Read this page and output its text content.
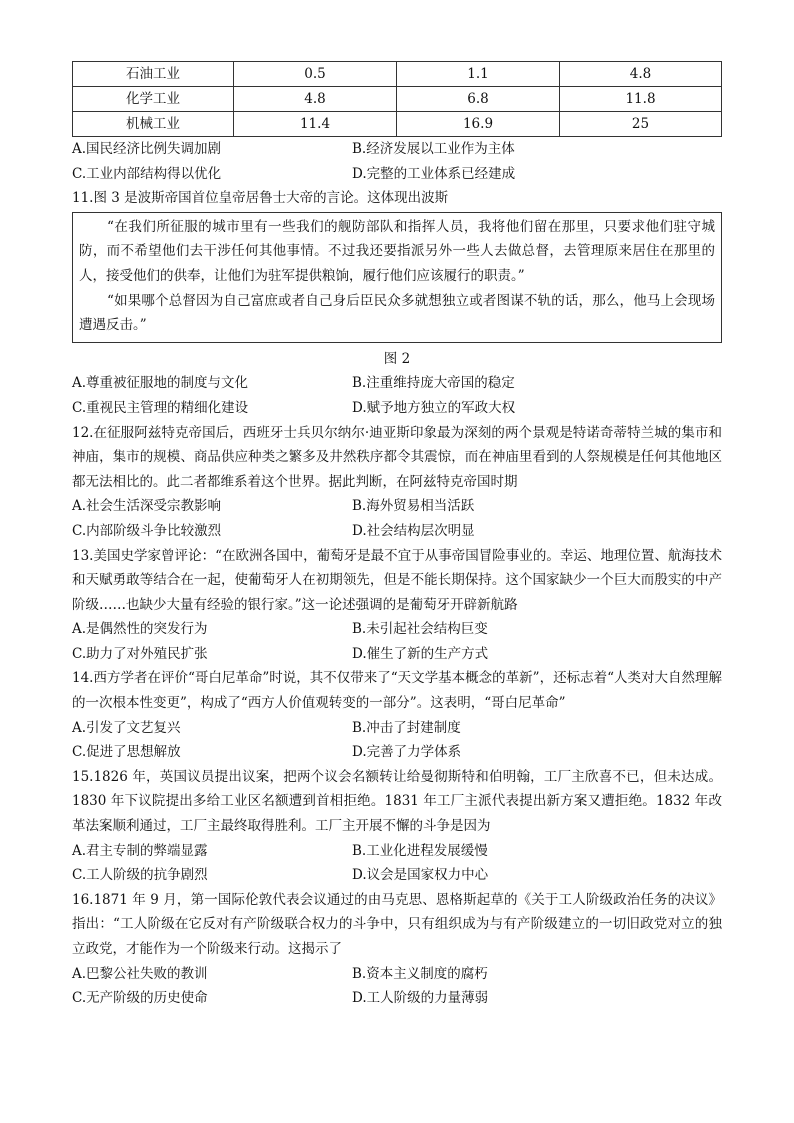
石油工业	0.5	1.1	4.8
化学工业	4.8	6.8	11.8
机械工业	11.4	16.9	25
A.国民经济比例失调加剧	B.经济发展以工业作为主体
C.工业内部结构得以优化	D.完整的工业体系已经建成
11.图 3 是波斯帝国首位皇帝居鲁士大帝的言论。这体现出波斯

“在我们所征服的城市里有一些我们的舰防部队和指挥人员，我将他们留在那里，只要求他们驻守城防，而不希望他们去干涉任何其他事情。不过我还要指派另外一些人去做总督，去管理原来居住在那里的人，接受他们的供奉，让他们为驻军提供粮饷，履行他们应该履行的职责。”

“如果哪个总督因为自己富庶或者自己身后臣民众多就想独立或者图谋不轨的话，那么，他马上会现场遭遇反击。”

图 2
A.尊重被征服地的制度与文化	B.注重维持庞大帝国的稳定
C.重视民主管理的精细化建设	D.赋予地方独立的军政大权
12.在征服阿兹特克帝国后，西班牙士兵贝尔纳尔·迪亚斯印象最为深刻的两个景观是特诺奇蒂特兰城的集市和神庙，集市的规模、商品供应种类之繁多及井然秩序都令其震惊，而在神庙里看到的人祭规模是任何其他地区都无法相比的。此二者都维系着这个世界。据此判断，在阿兹特克帝国时期
A.社会生活深受宗教影响	B.海外贸易相当活跃
C.内部阶级斗争比较激烈	D.社会结构层次明显
13.美国史学家曾评论：“在欧洲各国中，葡萄牙是最不宜于从事帝国冒险事业的。幸运、地理位置、航海技术和天赋勇敢等结合在一起，使葡萄牙人在初期领先，但是不能长期保持。这个国家缺少一个巨大而殷实的中产阶级……也缺少大量有经验的银行家。”这一论述强调的是葡萄牙开辟新航路
A.是偶然性的突发行为	B.未引起社会结构巨变
C.助力了对外殖民扩张	D.催生了新的生产方式
14.西方学者在评价“哥白尼革命”时说，其不仅带来了“天文学基本概念的革新”，还标志着“人类对大自然理解的一次根本性变更”，构成了“西方人价值观转变的一部分”。这表明，“哥白尼革命”
A.引发了文艺复兴	B.冲击了封建制度
C.促进了思想解放	D.完善了力学体系
15.1826 年，英国议员提出议案，把两个议会名额转让给曼彻斯特和伯明翰，工厂主欣喜不已，但未达成。1830 年下议院提出多给工业区名额遭到首相拒绝。1831 年工厂主派代表提出新方案又遭拒绝。1832 年改革法案顺利通过，工厂主最终取得胜利。工厂主开展不懈的斗争是因为
A.君主专制的弊端显露	B.工业化进程发展缓慢
C.工人阶级的抗争剧烈	D.议会是国家权力中心
16.1871 年 9 月，第一国际伦敦代表会议通过的由马克思、恩格斯起草的《关于工人阶级政治任务的决议》指出：“工人阶级在它反对有产阶级联合权力的斗争中，只有组织成为与有产阶级建立的一切旧政党对立的独立政党，才能作为一个阶级来行动。这揭示了
A.巴黎公社失败的教训	B.资本主义制度的腐朽
C.无产阶级的历史使命	D.工人阶级的力量薄弱
